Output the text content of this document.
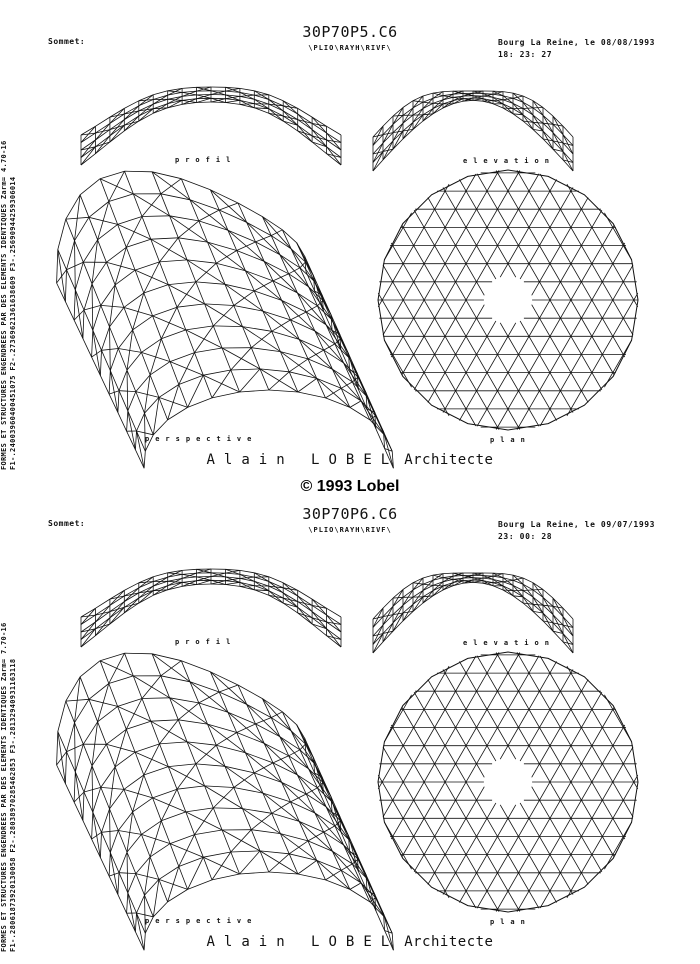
Sommet:
30P70P5.C6
\PLIO\RAYH\RIVF\
Bourg La Reine, le 08/08/1993
18: 23: 27
profil	elevation
perspective	plan
Alain LOBEL Architecte
FORMES ET STRUCTURES ENGENDREES PAR DES ELEMENTS IDENTIQUES Zarm= 4.70-16 F1-.24003960400451075 F2-.27369621361638609 F3-.25690944259306014
© 1993 Lobel
Sommet:
30P70P6.C6
\PLIO\RAYH\RIVF\
Bourg La Reine, le 09/07/1993
23: 00: 28
profil	elevation
perspective	plan
Alain LOBEL Architecte
FORMES ET STRUCTURES ENGENDREES PAR DES ELEMENTS IDENTIQUES Zarm= 7.70-16 F1-.28061873920130058 F2-.28038970285462853 F3-.28132940931163118
